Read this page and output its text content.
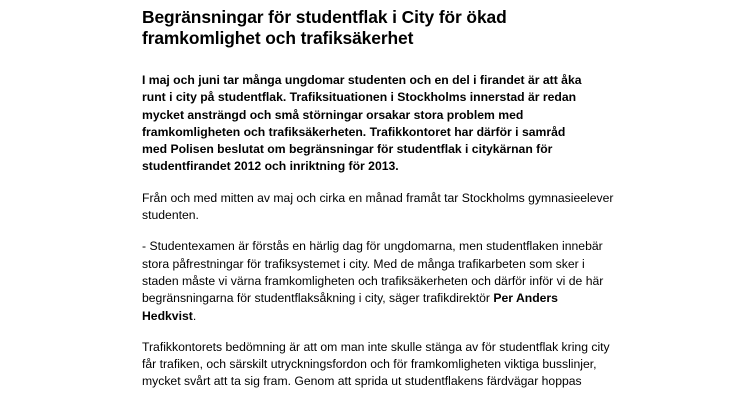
Begränsningar för studentflak i City för ökad
framkomlighet och trafiksäkerhet

I maj och juni tar många ungdomar studenten och en del i firandet är att åka
runt i city på studentflak. Trafiksituationen i Stockholms innerstad är redan
mycket ansträngd och små störningar orsakar stora problem med
framkomligheten och trafiksäkerheten. Trafikkontoret har därför i samråd
med Polisen beslutat om begränsningar för studentflak i citykärnan för
studentfirandet 2012 och inriktning för 2013.

Från och med mitten av maj och cirka en månad framåt tar Stockholms gymnasieelever
studenten.

- Studentexamen är förstås en härlig dag för ungdomarna, men studentflaken innebär
stora påfrestningar för trafiksystemet i city. Med de många trafikarbeten som sker i
staden måste vi värna framkomligheten och trafiksäkerheten och därför inför vi de här
begränsningarna för studentflaksåkning i city, säger trafikdirektör Per Anders
Hedkvist.

Trafikkontorets bedömning är att om man inte skulle stänga av för studentflak kring city
får trafiken, och särskilt utryckningsfordon och för framkomligheten viktiga busslinjer,
mycket svårt att ta sig fram. Genom att sprida ut studentflakens färdvägar hoppas
